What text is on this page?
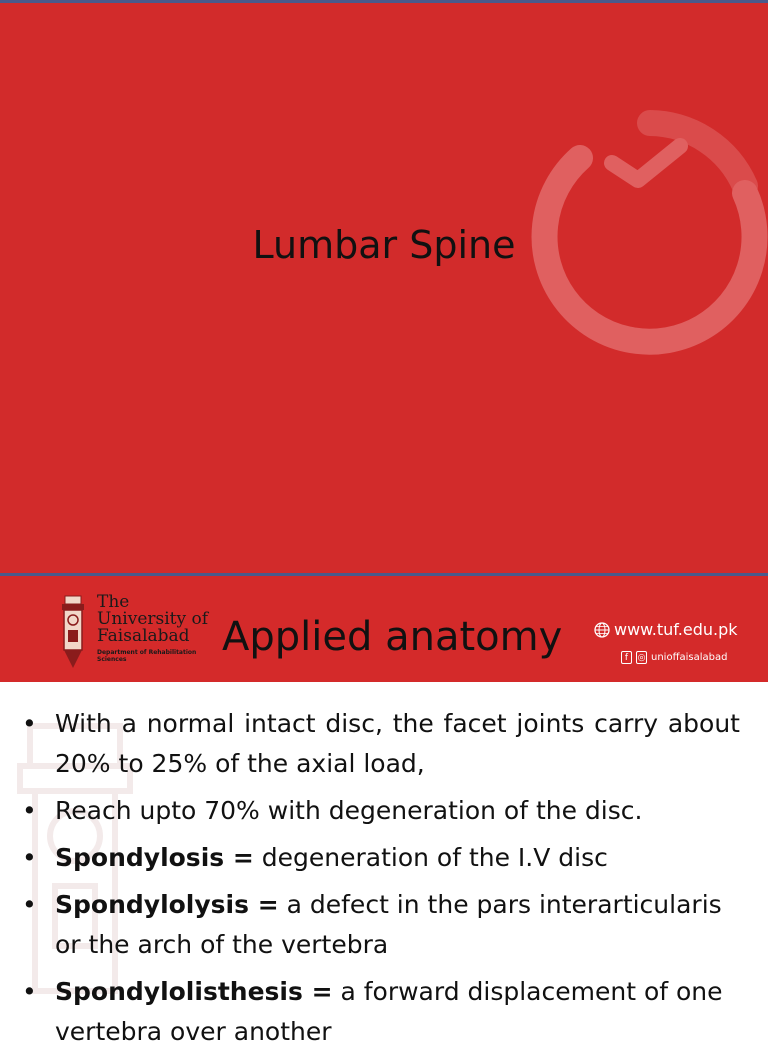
Lumbar Spine
The
University of
Faisalabad
Department of Rehabilitation Sciences	Applied anatomy	www.tuf.edu.pk
f	◎ unioffaisalabad
• With a normal intact disc, the facet joints carry about 20% to 25% of the axial load,
• Reach upto 70% with degeneration of the disc.
• Spondylosis = degeneration of the I.V disc
• Spondylolysis = a defect in the pars interarticularis or the arch of the vertebra
• Spondylolisthesis = a forward displacement of one vertebra over another
